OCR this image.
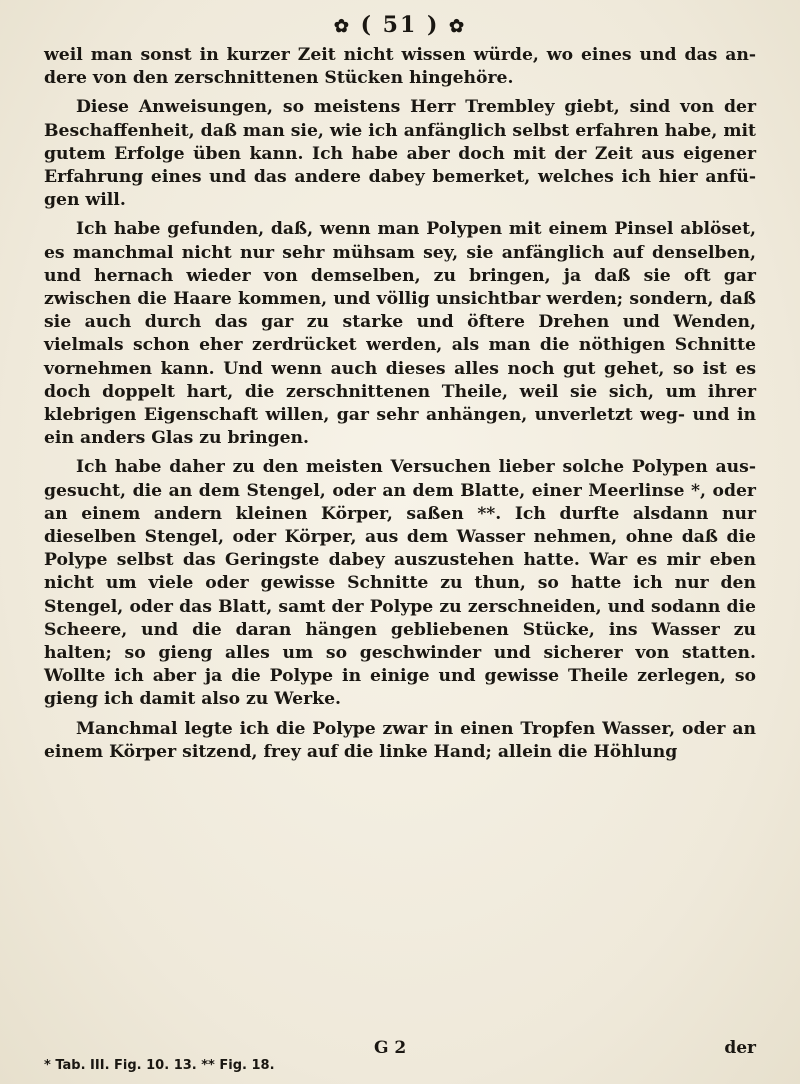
✿ ( 51 ) ✿

weil man sonst in kurzer Zeit nicht wissen würde, wo eines und das andere von den zerschnittenen Stücken hingehöre.

Diese Anweisungen, so meistens Herr Trembley giebt, sind von der Beschaffenheit, daß man sie, wie ich anfänglich selbst erfahren habe, mit gutem Erfolge üben kann. Ich habe aber doch mit der Zeit aus eigener Erfahrung eines und das andere dabey bemerket, welches ich hier anfügen will.

Ich habe gefunden, daß, wenn man Polypen mit einem Pinsel ablöset, es manchmal nicht nur sehr mühsam sey, sie anfänglich auf denselben, und hernach wieder von demselben, zu bringen, ja daß sie oft gar zwischen die Haare kommen, und völlig unsichtbar werden; sondern, daß sie auch durch das gar zu starke und öftere Drehen und Wenden, vielmals schon eher zerdrücket werden, als man die nöthigen Schnitte vornehmen kann. Und wenn auch dieses alles noch gut gehet, so ist es doch doppelt hart, die zerschnittenen Theile, weil sie sich, um ihrer klebrigen Eigenschaft willen, gar sehr anhängen, unverletzt weg- und in ein anders Glas zu bringen.

Ich habe daher zu den meisten Versuchen lieber solche Polypen ausgesucht, die an dem Stengel, oder an dem Blatte, einer Meerlinse *, oder an einem andern kleinen Körper, saßen **. Ich durfte alsdann nur dieselben Stengel, oder Körper, aus dem Wasser nehmen, ohne daß die Polype selbst das Geringste dabey auszustehen hatte. War es mir eben nicht um viele oder gewisse Schnitte zu thun, so hatte ich nur den Stengel, oder das Blatt, samt der Polype zu zerschneiden, und sodann die Scheere, und die daran hängen gebliebenen Stücke, ins Wasser zu halten; so gieng alles um so geschwinder und sicherer von statten. Wollte ich aber ja die Polype in einige und gewisse Theile zerlegen, so gieng ich damit also zu Werke.

Manchmal legte ich die Polype zwar in einen Tropfen Wasser, oder an einem Körper sitzend, frey auf die linke Hand; allein die Höhlung

G 2	der
* Tab. III. Fig. 10. 13. ** Fig. 18.
